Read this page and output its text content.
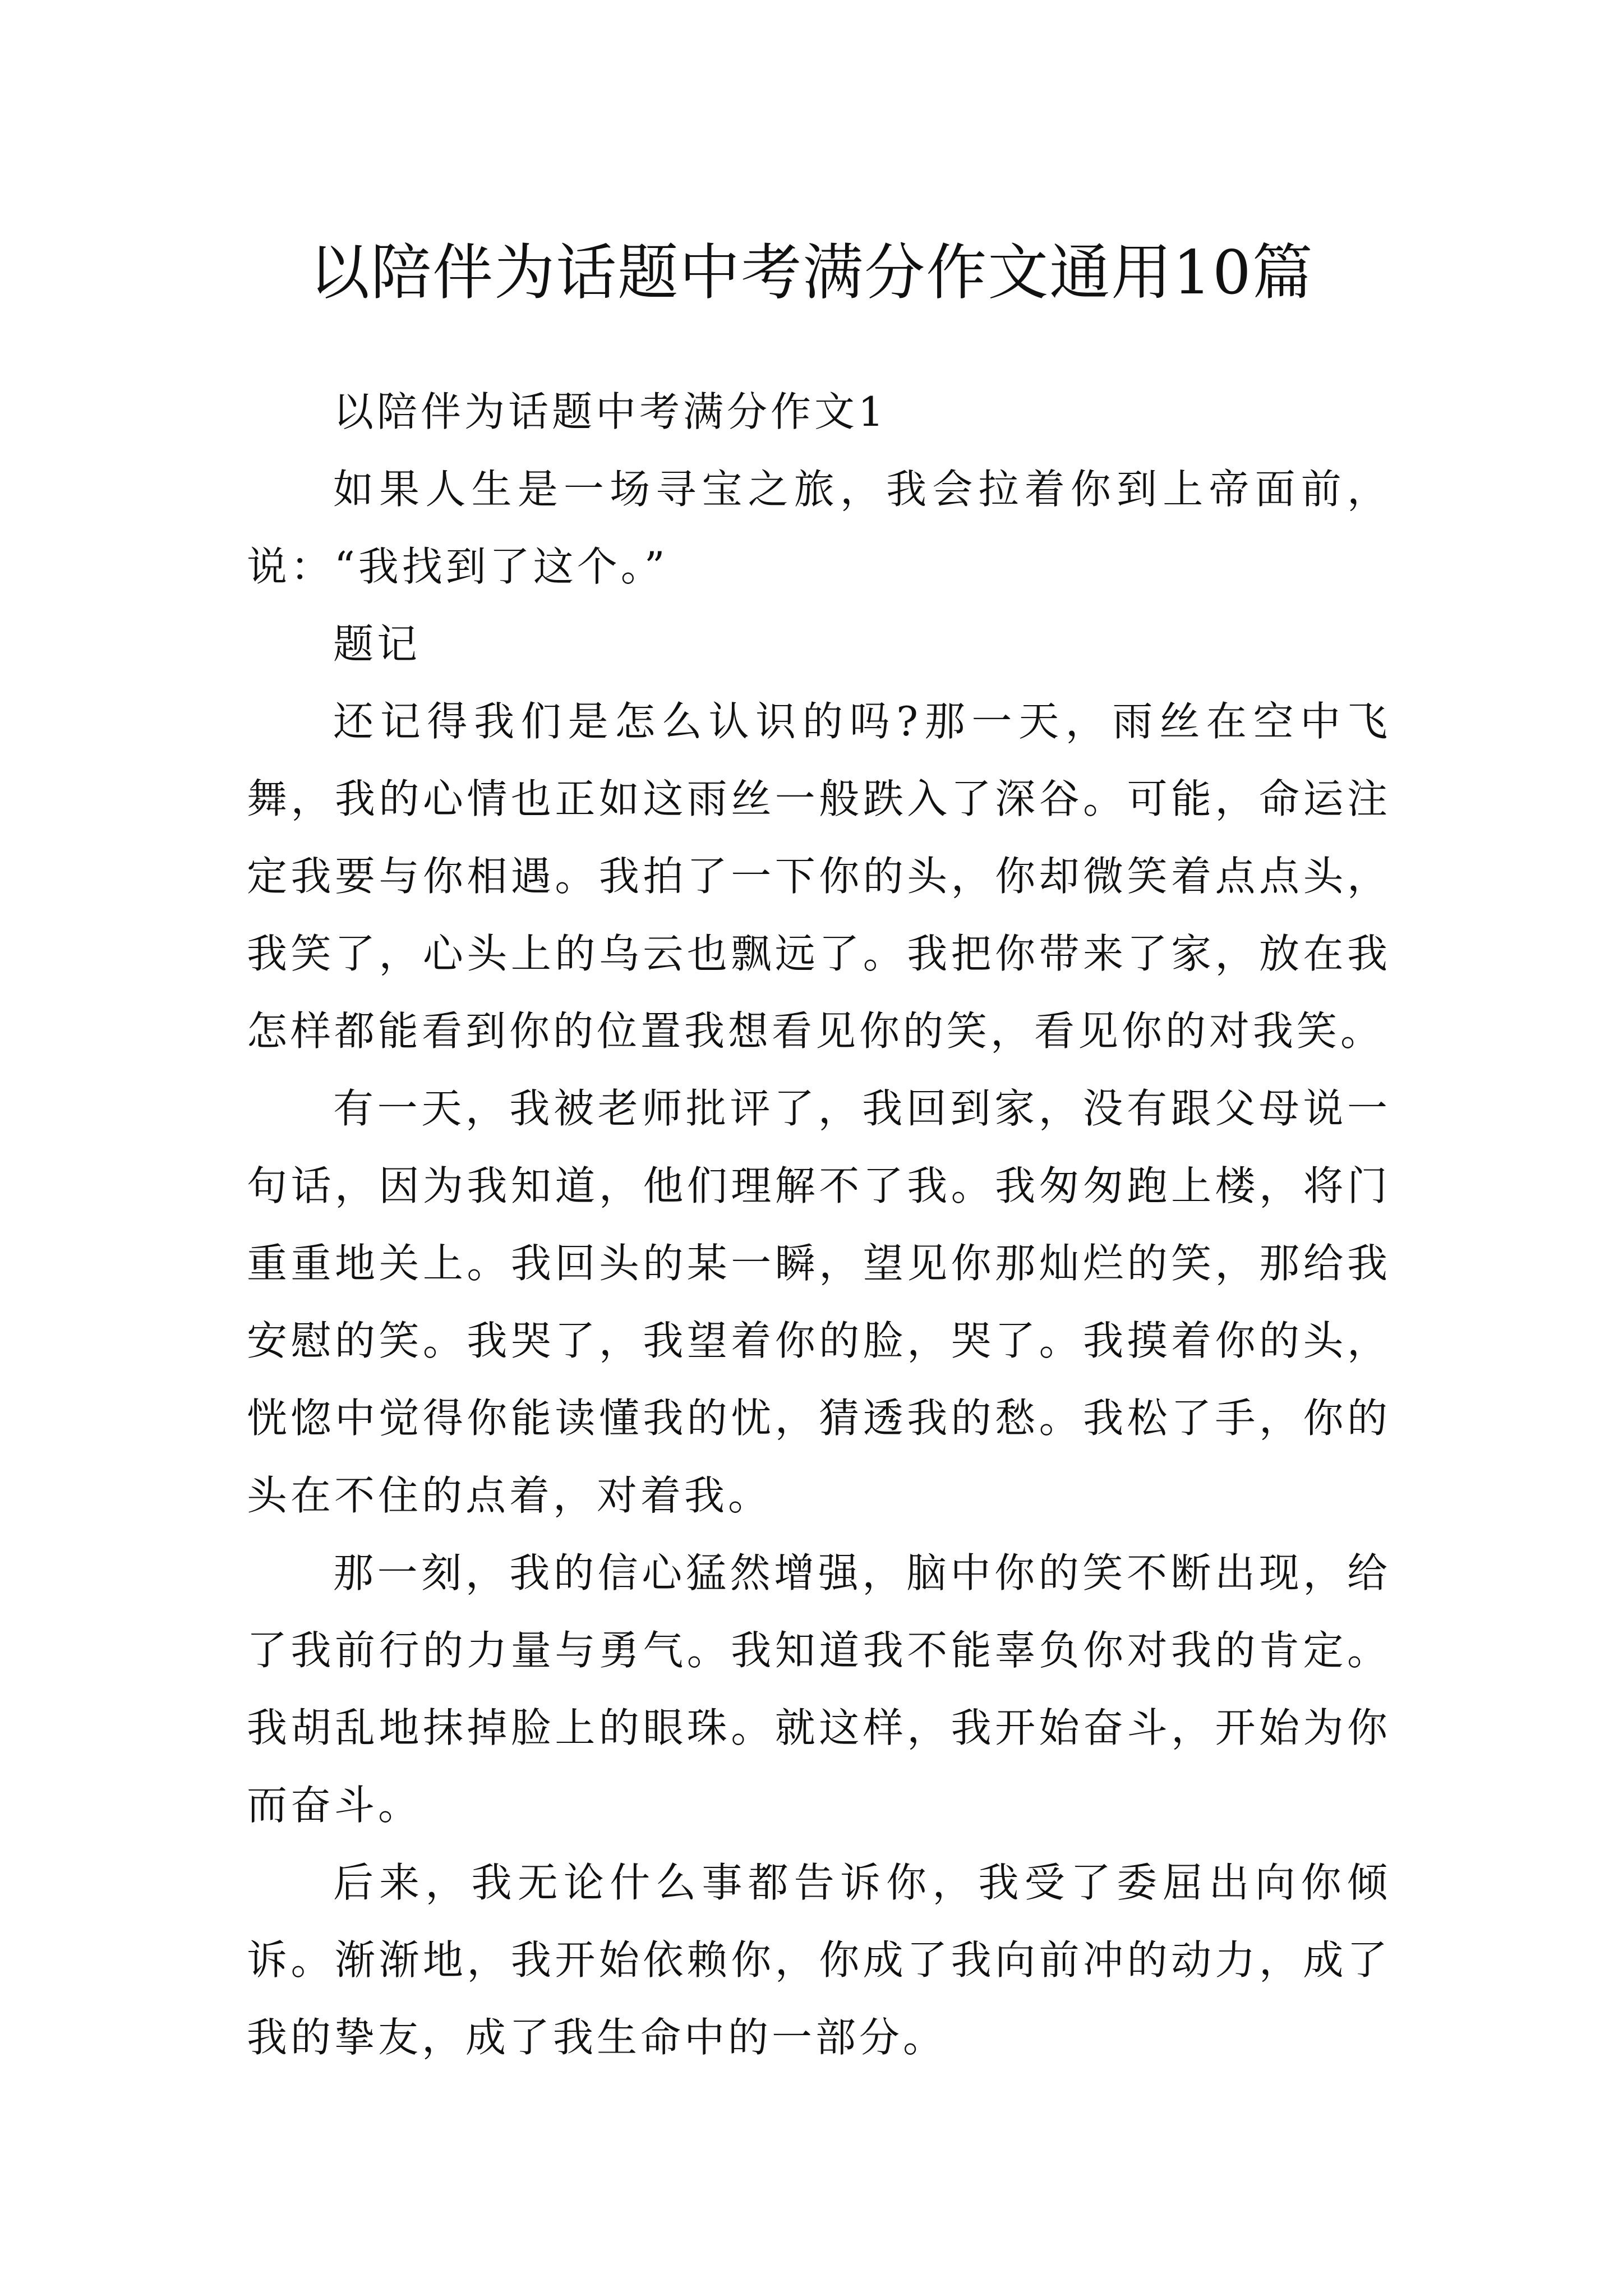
以陪伴为话题中考满分作文通用10篇

以陪伴为话题中考满分作文1

如果人生是一场寻宝之旅，我会拉着你到上帝面前，说：“我找到了这个。”

题记

还记得我们是怎么认识的吗?那一天，雨丝在空中飞舞，我的心情也正如这雨丝一般跌入了深谷。可能，命运注定我要与你相遇。我拍了一下你的头，你却微笑着点点头，我笑了，心头上的乌云也飘远了。我把你带来了家，放在我怎样都能看到你的位置我想看见你的笑，看见你的对我笑。

有一天，我被老师批评了，我回到家，没有跟父母说一句话，因为我知道，他们理解不了我。我匆匆跑上楼，将门重重地关上。我回头的某一瞬，望见你那灿烂的笑，那给我安慰的笑。我哭了，我望着你的脸，哭了。我摸着你的头，恍惚中觉得你能读懂我的忧，猜透我的愁。我松了手，你的头在不住的点着，对着我。

那一刻，我的信心猛然增强，脑中你的笑不断出现，给了我前行的力量与勇气。我知道我不能辜负你对我的肯定。我胡乱地抹掉脸上的眼珠。就这样，我开始奋斗，开始为你而奋斗。

后来，我无论什么事都告诉你，我受了委屈出向你倾诉。渐渐地，我开始依赖你，你成了我向前冲的动力，成了我的挚友，成了我生命中的一部分。
